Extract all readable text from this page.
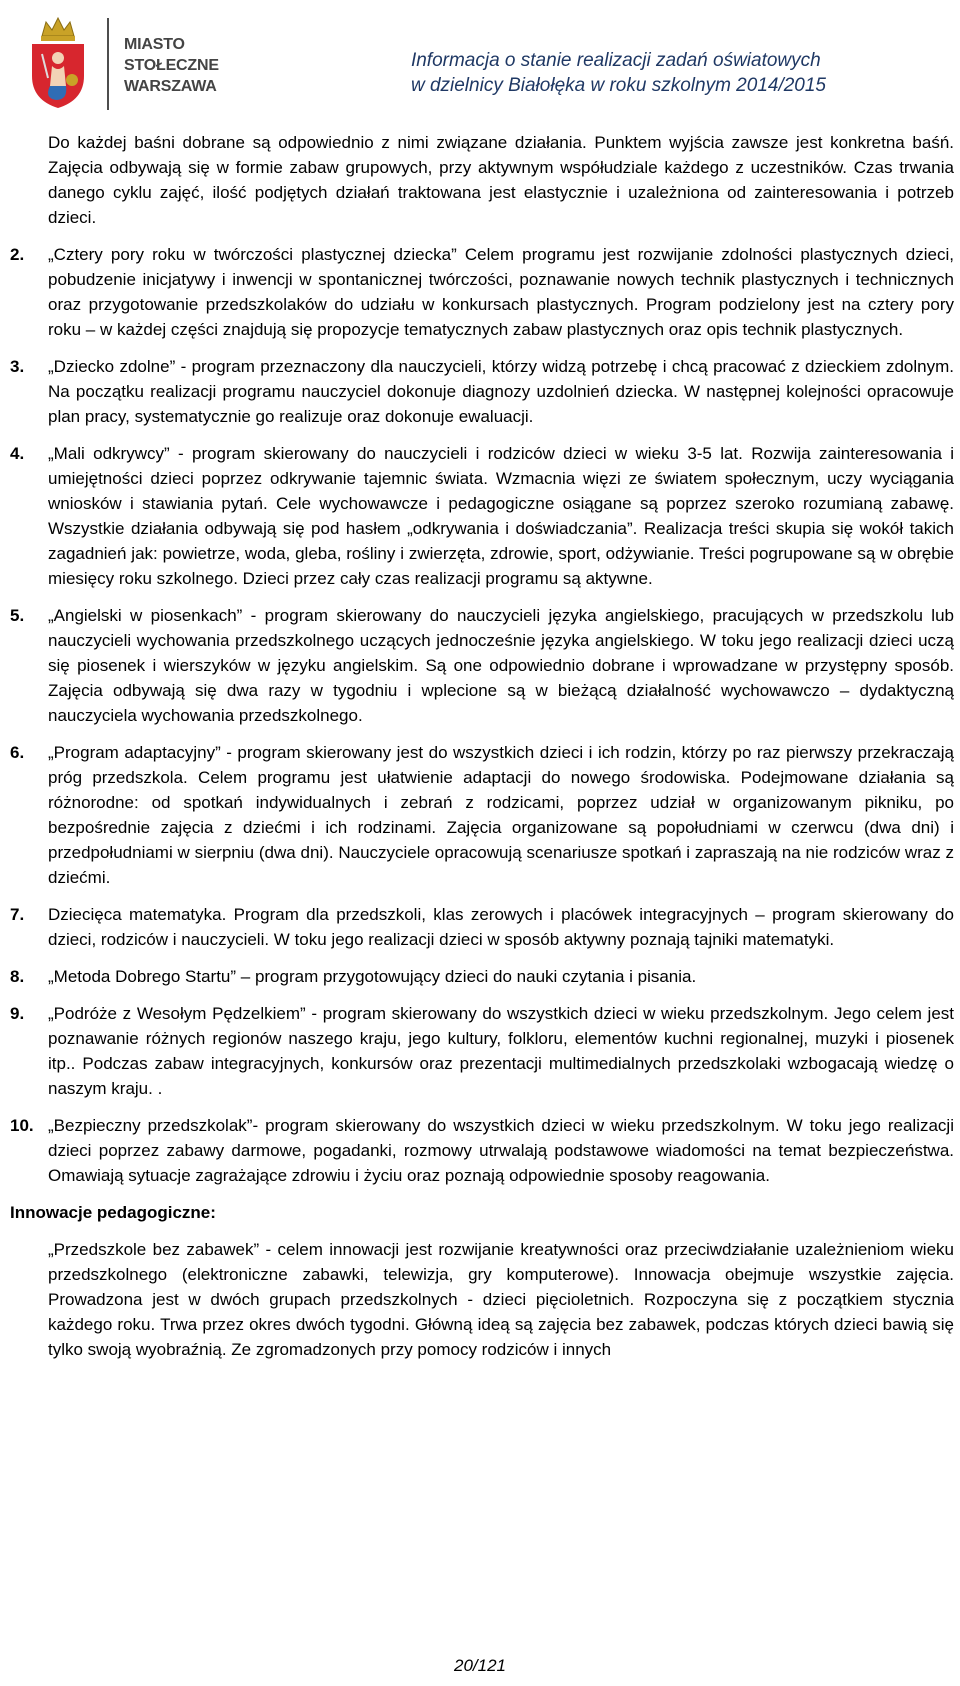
MIASTO
STOŁECZNE
WARSZAWA
Informacja o stanie realizacji zadań oświatowych
w dzielnicy Białołęka w roku szkolnym 2014/2015
Do każdej baśni dobrane są odpowiednio z nimi związane działania. Punktem wyjścia zawsze jest konkretna baśń. Zajęcia odbywają się w formie zabaw grupowych, przy aktywnym współudziale każdego z uczestników. Czas trwania danego cyklu zajęć, ilość podjętych działań traktowana jest elastycznie i uzależniona od zainteresowania i potrzeb dzieci.
2. „Cztery pory roku w twórczości plastycznej dziecka” Celem programu jest rozwijanie zdolności plastycznych dzieci, pobudzenie inicjatywy i inwencji w spontanicznej twórczości, poznawanie nowych technik plastycznych i technicznych oraz przygotowanie przedszkolaków do udziału w konkursach plastycznych. Program podzielony jest na cztery pory roku – w każdej części znajdują się propozycje tematycznych zabaw plastycznych oraz opis technik plastycznych.
3. „Dziecko zdolne” - program przeznaczony dla nauczycieli, którzy widzą potrzebę i chcą pracować z dzieckiem zdolnym. Na początku realizacji programu nauczyciel dokonuje diagnozy uzdolnień dziecka. W następnej kolejności opracowuje plan pracy, systematycznie go realizuje oraz dokonuje ewaluacji.
4. „Mali odkrywcy” - program skierowany do nauczycieli i rodziców dzieci w wieku 3-5 lat. Rozwija zainteresowania i umiejętności dzieci poprzez odkrywanie tajemnic świata. Wzmacnia więzi ze światem społecznym, uczy wyciągania wniosków i stawiania pytań. Cele wychowawcze i pedagogiczne osiągane są poprzez szeroko rozumianą zabawę. Wszystkie działania odbywają się pod hasłem „odkrywania i doświadczania”. Realizacja treści skupia się wokół takich zagadnień jak: powietrze, woda, gleba, rośliny i zwierzęta, zdrowie, sport, odżywianie. Treści pogrupowane są w obrębie miesięcy roku szkolnego. Dzieci przez cały czas realizacji programu są aktywne.
5. „Angielski w piosenkach” - program skierowany do nauczycieli języka angielskiego, pracujących w przedszkolu lub nauczycieli wychowania przedszkolnego uczących jednocześnie języka angielskiego. W toku jego realizacji dzieci uczą się piosenek i wierszyków w języku angielskim. Są one odpowiednio dobrane i wprowadzane w przystępny sposób. Zajęcia odbywają się dwa razy w tygodniu i wplecione są w bieżącą działalność wychowawczo – dydaktyczną nauczyciela wychowania przedszkolnego.
6. „Program adaptacyjny” - program skierowany jest do wszystkich dzieci i ich rodzin, którzy po raz pierwszy przekraczają próg przedszkola. Celem programu jest ułatwienie adaptacji do nowego środowiska. Podejmowane działania są różnorodne: od spotkań indywidualnych i zebrań z rodzicami, poprzez udział w organizowanym pikniku, po bezpośrednie zajęcia z dziećmi i ich rodzinami. Zajęcia organizowane są popołudniami w czerwcu (dwa dni) i przedpołudniami w sierpniu (dwa dni). Nauczyciele opracowują scenariusze spotkań i zapraszają na nie rodziców wraz z dziećmi.
7. Dziecięca matematyka. Program dla przedszkoli, klas zerowych i placówek integracyjnych – program skierowany do dzieci, rodziców i nauczycieli. W toku jego realizacji dzieci w sposób aktywny poznają tajniki matematyki.
8. „Metoda Dobrego Startu” – program przygotowujący dzieci do nauki czytania i pisania.
9. „Podróże z Wesołym Pędzelkiem” - program skierowany do wszystkich dzieci w wieku przedszkolnym. Jego celem jest poznawanie różnych regionów naszego kraju, jego kultury, folkloru, elementów kuchni regionalnej, muzyki i piosenek itp.. Podczas zabaw integracyjnych, konkursów oraz prezentacji multimedialnych przedszkolaki wzbogacają wiedzę o naszym kraju. .
10. „Bezpieczny przedszkolak”- program skierowany do wszystkich dzieci w wieku przedszkolnym. W toku jego realizacji dzieci poprzez zabawy darmowe, pogadanki, rozmowy utrwalają podstawowe wiadomości na temat bezpieczeństwa. Omawiają sytuacje zagrażające zdrowiu i życiu oraz poznają odpowiednie sposoby reagowania.
Innowacje pedagogiczne:
„Przedszkole bez zabawek” - celem innowacji jest rozwijanie kreatywności oraz przeciwdziałanie uzależnieniom wieku przedszkolnego (elektroniczne zabawki, telewizja, gry komputerowe). Innowacja obejmuje wszystkie zajęcia. Prowadzona jest w dwóch grupach przedszkolnych - dzieci pięcioletnich. Rozpoczyna się z początkiem stycznia każdego roku. Trwa przez okres dwóch tygodni. Główną ideą są zajęcia bez zabawek, podczas których dzieci bawią się tylko swoją wyobraźnią. Ze zgromadzonych przy pomocy rodziców i innych
20/121
